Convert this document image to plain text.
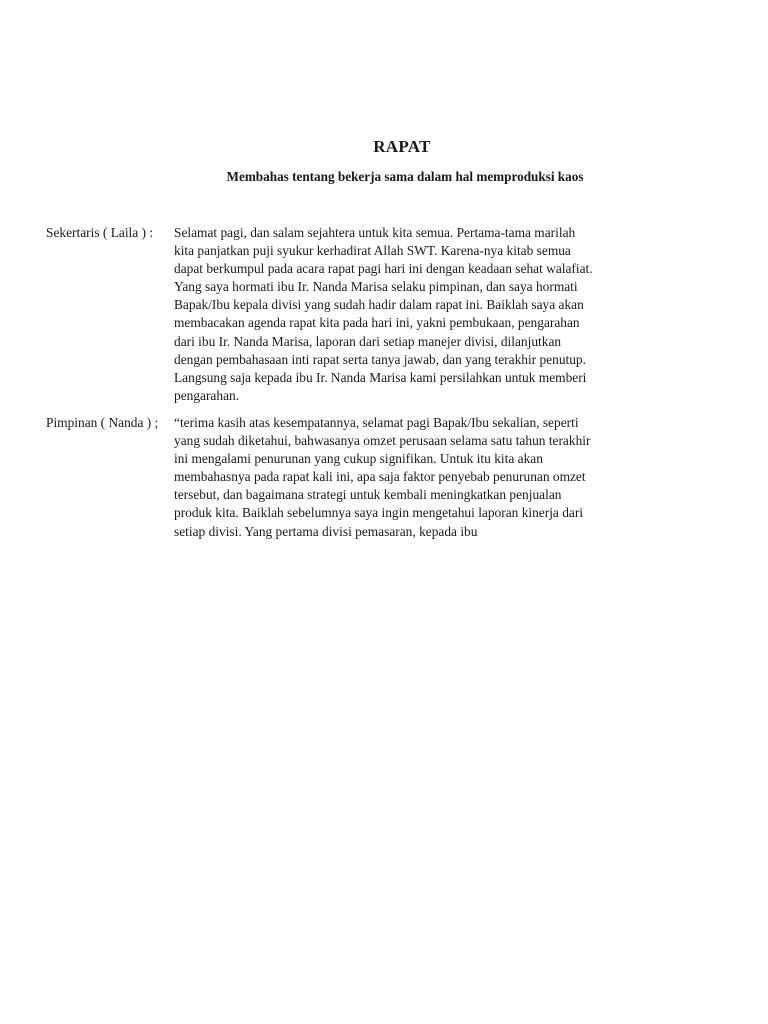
RAPAT
Membahas tentang bekerja sama dalam hal memproduksi kaos
Sekertaris ( Laila ) : Selamat pagi, dan salam sejahtera untuk kita semua. Pertama-tama marilah
kita panjatkan puji syukur kerhadirat Allah SWT. Karena-nya kitab semua
dapat berkumpul pada acara rapat pagi hari ini dengan keadaan sehat walafiat.
Yang saya hormati ibu Ir. Nanda Marisa selaku pimpinan, dan saya hormati
Bapak/Ibu kepala divisi yang sudah hadir dalam rapat ini. Baiklah saya akan
membacakan agenda rapat kita pada hari ini, yakni pembukaan, pengarahan
dari ibu Ir. Nanda Marisa, laporan dari setiap manejer divisi, dilanjutkan
dengan pembahasaan inti rapat serta tanya jawab, dan yang terakhir penutup.
Langsung saja kepada ibu Ir. Nanda Marisa kami persilahkan untuk memberi
pengarahan.
Pimpinan ( Nanda ) ; “terima kasih atas kesempatannya, selamat pagi Bapak/Ibu sekalian, seperti
yang sudah diketahui, bahwasanya omzet perusaan selama satu tahun terakhir
ini mengalami penurunan yang cukup signifikan. Untuk itu kita akan
membahasnya pada rapat kali ini, apa saja faktor penyebab penurunan omzet
tersebut, dan bagaimana strategi untuk kembali meningkatkan penjualan
produk kita. Baiklah sebelumnya saya ingin mengetahui laporan kinerja dari
setiap divisi. Yang pertama divisi pemasaran, kepada ibu
